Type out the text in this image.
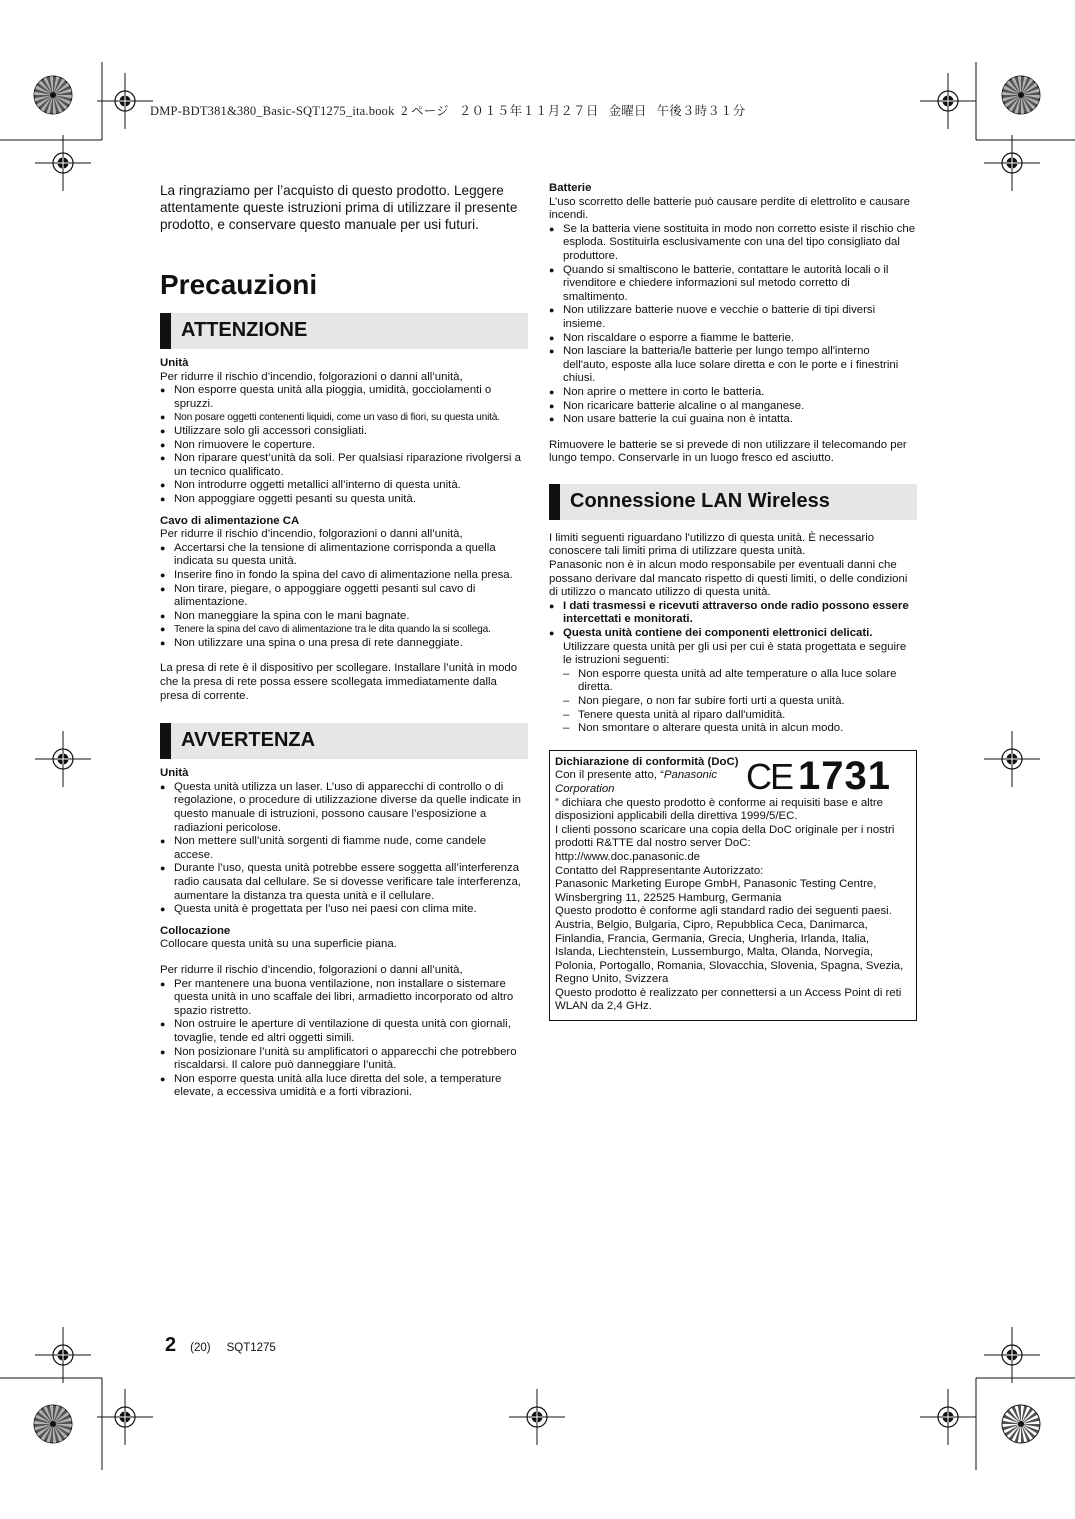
DMP-BDT381&380_Basic-SQT1275_ita.book 2 ページ ２０１５年１１月２７日 金曜日 午後３時３１分

La ringraziamo per l’acquisto di questo prodotto. Leggere attentamente queste istruzioni prima di utilizzare il presente prodotto, e conservare questo manuale per usi futuri.

Precauzioni
ATTENZIONE

Unità

Per ridurre il rischio d’incendio, folgorazioni o danni all’unità,

● Non esporre questa unità alla pioggia, umidità, gocciolamenti o spruzzi.
● Non posare oggetti contenenti liquidi, come un vaso di fiori, su questa unità.
● Utilizzare solo gli accessori consigliati.
● Non rimuovere le coperture.
● Non riparare quest’unità da soli. Per qualsiasi riparazione rivolgersi a un tecnico qualificato.
● Non introdurre oggetti metallici all’interno di questa unità.
● Non appoggiare oggetti pesanti su questa unità.

Cavo di alimentazione CA

Per ridurre il rischio d’incendio, folgorazioni o danni all’unità,

● Accertarsi che la tensione di alimentazione corrisponda a quella indicata su questa unità.
● Inserire fino in fondo la spina del cavo di alimentazione nella presa.
● Non tirare, piegare, o appoggiare oggetti pesanti sul cavo di alimentazione.
● Non maneggiare la spina con le mani bagnate.
● Tenere la spina del cavo di alimentazione tra le dita quando la si scollega.
● Non utilizzare una spina o una presa di rete danneggiate.

La presa di rete è il dispositivo per scollegare. Installare l’unità in modo che la presa di rete possa essere scollegata immediatamente dalla presa di corrente.

AVVERTENZA

Unità

● Questa unità utilizza un laser. L’uso di apparecchi di controllo o di regolazione, o procedure di utilizzazione diverse da quelle indicate in questo manuale di istruzioni, possono causare l’esposizione a radiazioni pericolose.
● Non mettere sull’unità sorgenti di fiamme nude, come candele accese.
● Durante l’uso, questa unità potrebbe essere soggetta all’interferenza radio causata dal cellulare. Se si dovesse verificare tale interferenza, aumentare la distanza tra questa unità e il cellulare.
● Questa unità è progettata per l’uso nei paesi con clima mite.

Collocazione

Collocare questa unità su una superficie piana.

Per ridurre il rischio d’incendio, folgorazioni o danni all’unità,

● Per mantenere una buona ventilazione, non installare o sistemare questa unità in uno scaffale dei libri, armadietto incorporato od altro spazio ristretto.
● Non ostruire le aperture di ventilazione di questa unità con giornali, tovaglie, tende ed altri oggetti simili.
● Non posizionare l’unità su amplificatori o apparecchi che potrebbero riscaldarsi. Il calore può danneggiare l’unità.
● Non esporre questa unità alla luce diretta del sole, a temperature elevate, a eccessiva umidità e a forti vibrazioni.

Batterie

L’uso scorretto delle batterie può causare perdite di elettrolito e causare incendi.

● Se la batteria viene sostituita in modo non corretto esiste il rischio che esploda. Sostituirla esclusivamente con una del tipo consigliato dal produttore.
● Quando si smaltiscono le batterie, contattare le autorità locali o il rivenditore e chiedere informazioni sul metodo corretto di smaltimento.
● Non utilizzare batterie nuove e vecchie o batterie di tipi diversi insieme.
● Non riscaldare o esporre a fiamme le batterie.
● Non lasciare la batteria/le batterie per lungo tempo all'interno dell'auto, esposte alla luce solare diretta e con le porte e i finestrini chiusi.
● Non aprire o mettere in corto le batteria.
● Non ricaricare batterie alcaline o al manganese.
● Non usare batterie la cui guaina non è intatta.

Rimuovere le batterie se si prevede di non utilizzare il telecomando per lungo tempo. Conservarle in un luogo fresco ed asciutto.

Connessione LAN Wireless

I limiti seguenti riguardano l'utilizzo di questa unità. È necessario conoscere tali limiti prima di utilizzare questa unità.

Panasonic non è in alcun modo responsabile per eventuali danni che possano derivare dal mancato rispetto di questi limiti, o delle condizioni di utilizzo o mancato utilizzo di questa unità.

● I dati trasmessi e ricevuti attraverso onde radio possono essere intercettati e monitorati.
● Questa unità contiene dei componenti elettronici delicati.
Utilizzare questa unità per gli usi per cui è stata progettata e seguire le istruzioni seguenti:
– Non esporre questa unità ad alte temperature o alla luce solare diretta.
– Non piegare, o non far subire forti urti a questa unità.
– Tenere questa unità al riparo dall'umidità.
– Non smontare o alterare questa unità in alcun modo.

Dichiarazione di conformità (DoC)

Con il presente atto, “Panasonic Corporation	CE 1731

” dichiara che questo prodotto è conforme ai requisiti base e altre disposizioni applicabili della direttiva 1999/5/EC.

I clienti possono scaricare una copia della DoC originale per i nostri prodotti R&TTE dal nostro server DoC:

http://www.doc.panasonic.de

Contatto del Rappresentante Autorizzato:

Panasonic Marketing Europe GmbH, Panasonic Testing Centre, Winsbergring 11, 22525 Hamburg, Germania

Questo prodotto è conforme agli standard radio dei seguenti paesi.

Austria, Belgio, Bulgaria, Cipro, Repubblica Ceca, Danimarca, Finlandia, Francia, Germania, Grecia, Ungheria, Irlanda, Italia, Islanda, Liechtenstein, Lussemburgo, Malta, Olanda, Norvegia, Polonia, Portogallo, Romania, Slovacchia, Slovenia, Spagna, Svezia, Regno Unito, Svizzera

Questo prodotto è realizzato per connettersi a un Access Point di reti WLAN da 2,4 GHz.

2 (20) SQT1275
